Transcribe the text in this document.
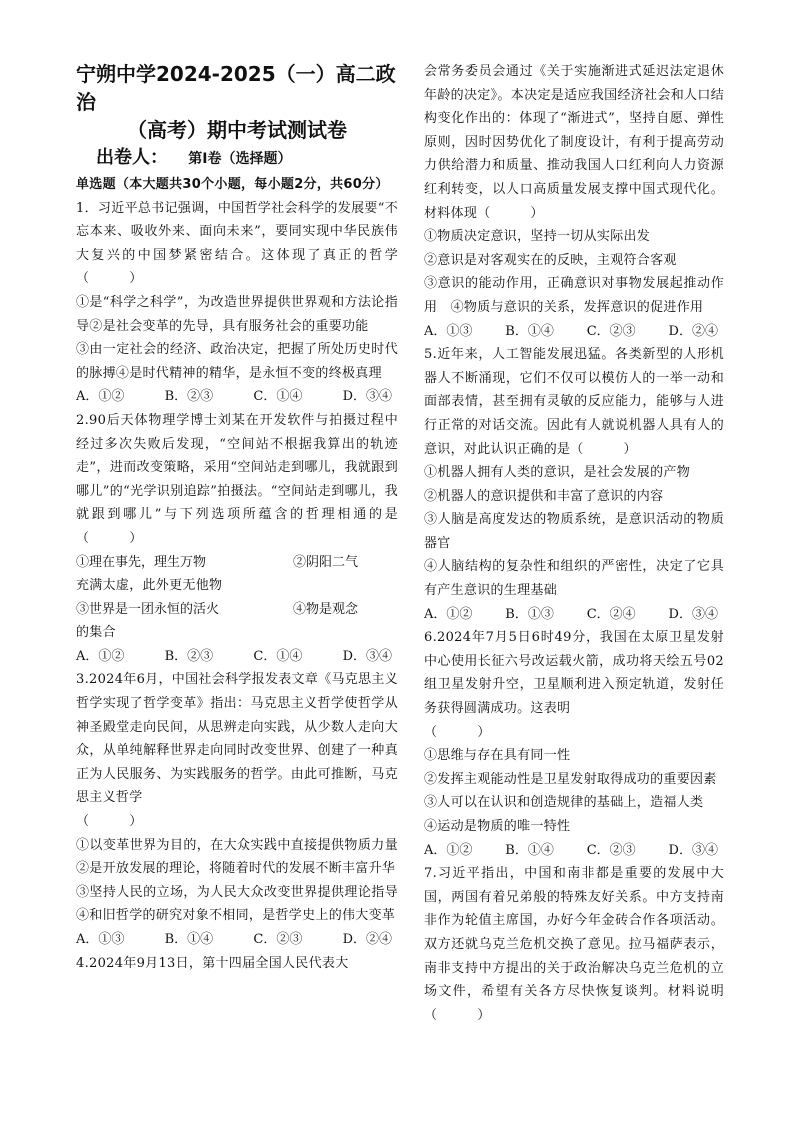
宁朔中学2024-2025（一）高二政治

（高考）期中考试测试卷

出卷人： 第I卷（选择题）

单选题（本大题共30个小题，每小题2分，共60分）

1．习近平总书记强调，中国哲学社会科学的发展要“不忘本来、吸收外来、面向未来”，要同实现中华民族伟大复兴的中国梦紧密结合。这体现了真正的哲学（　　　）

①是“科学之科学”，为改造世界提供世界观和方法论指导②是社会变革的先导，具有服务社会的重要功能

③由一定社会的经济、政治决定，把握了所处历史时代的脉搏④是时代精神的精华，是永恒不变的终极真理

A．①②	B．②③	C．①④	D．③④

2.90后天体物理学博士刘某在开发软件与拍摄过程中经过多次失败后发现，“空间站不根据我算出的轨迹走”，进而改变策略，采用“空间站走到哪儿，我就跟到哪儿”的“光学识别追踪”拍摄法。“空间站走到哪儿，我就跟到哪儿”与下列选项所蕴含的哲理相通的是（　　　）

①理在事先，理生万物	②阴阳二气

充满太虚，此外更无他物

③世界是一团永恒的活火	④物是观念

的集合

A．①②	B．②③	C．①④	D．③④

3.2024年6月，中国社会科学报发表文章《马克思主义哲学实现了哲学变革》指出：马克思主义哲学使哲学从神圣殿堂走向民间，从思辨走向实践，从少数人走向大众，从单纯解释世界走向同时改变世界、创建了一种真正为人民服务、为实践服务的哲学。由此可推断，马克思主义哲学

（　　　）

①以变革世界为目的，在大众实践中直接提供物质力量②是开放发展的理论，将随着时代的发展不断丰富升华

③坚持人民的立场，为人民大众改变世界提供理论指导④和旧哲学的研究对象不相同，是哲学史上的伟大变革

A．①③	B．①④	C．②③	D．②④

4.2024年9月13日，第十四届全国人民代表大

会常务委员会通过《关于实施渐进式延迟法定退休年龄的决定》。本决定是适应我国经济社会和人口结构变化作出的：体现了“渐进式”，坚持自愿、弹性原则，因时因势优化了制度设计，有利于提高劳动力供给潜力和质量、推动我国人口红利向人力资源红利转变，以人口高质量发展支撑中国式现代化。材料体现（　　　）

①物质决定意识，坚持一切从实际出发

②意识是对客观实在的反映，主观符合客观

③意识的能动作用，正确意识对事物发展起推动作用　④物质与意识的关系，发挥意识的促进作用

A．①③	B．①④	C．②③	D．②④

5.近年来，人工智能发展迅猛。各类新型的人形机器人不断涌现，它们不仅可以模仿人的一举一动和面部表情，甚至拥有灵敏的反应能力，能够与人进行正常的对话交流。因此有人就说机器人具有人的意识，对此认识正确的是（　　　）

①机器人拥有人类的意识，是社会发展的产物

②机器人的意识提供和丰富了意识的内容

③人脑是高度发达的物质系统，是意识活动的物质器官

④人脑结构的复杂性和组织的严密性，决定了它具有产生意识的生理基础

A．①②	B．①③	C．②④	D．③④

6.2024年7月5日6时49分，我国在太原卫星发射中心使用长征六号改运载火箭，成功将天绘五号02组卫星发射升空，卫星顺利进入预定轨道，发射任务获得圆满成功。这表明

（　　　）

①思维与存在具有同一性

②发挥主观能动性是卫星发射取得成功的重要因素

③人可以在认识和创造规律的基础上，造福人类

④运动是物质的唯一特性

A．①②	B．①④	C．②③	D．③④

7.习近平指出，中国和南非都是重要的发展中大国，两国有着兄弟般的特殊友好关系。中方支持南非作为轮值主席国，办好今年金砖合作各项活动。双方还就乌克兰危机交换了意见。拉马福萨表示，南非支持中方提出的关于政治解决乌克兰危机的立场文件，希望有关各方尽快恢复谈判。材料说明（　　　）
